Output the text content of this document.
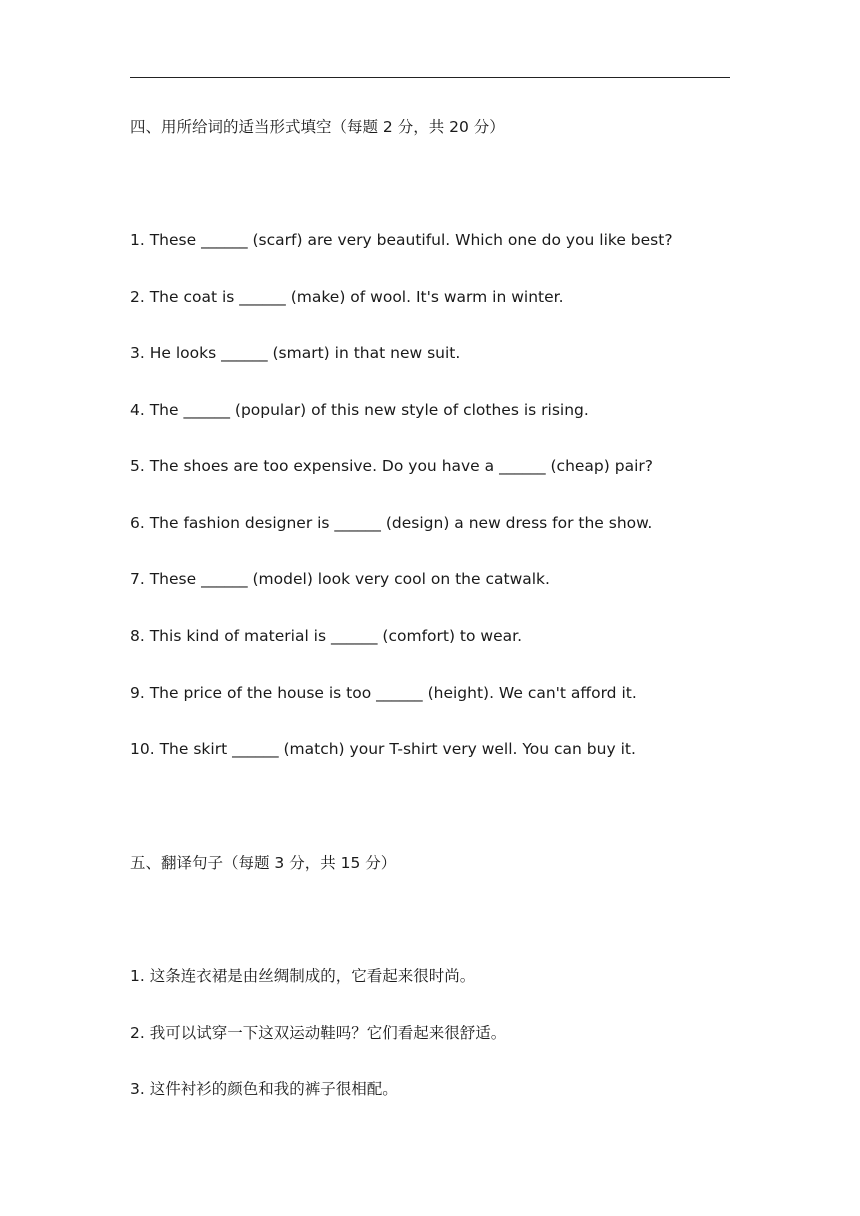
四、用所给词的适当形式填空（每题 2 分，共 20 分）
1. These ______ (scarf) are very beautiful. Which one do you like best?
2. The coat is ______ (make) of wool. It's warm in winter.
3. He looks ______ (smart) in that new suit.
4. The ______ (popular) of this new style of clothes is rising.
5. The shoes are too expensive. Do you have a ______ (cheap) pair?
6. The fashion designer is ______ (design) a new dress for the show.
7. These ______ (model) look very cool on the catwalk.
8. This kind of material is ______ (comfort) to wear.
9. The price of the house is too ______ (height). We can't afford it.
10. The skirt ______ (match) your T-shirt very well. You can buy it.
五、翻译句子（每题 3 分，共 15 分）
1. 这条连衣裙是由丝绸制成的，它看起来很时尚。
2. 我可以试穿一下这双运动鞋吗？它们看起来很舒适。
3. 这件衬衫的颜色和我的裤子很相配。
